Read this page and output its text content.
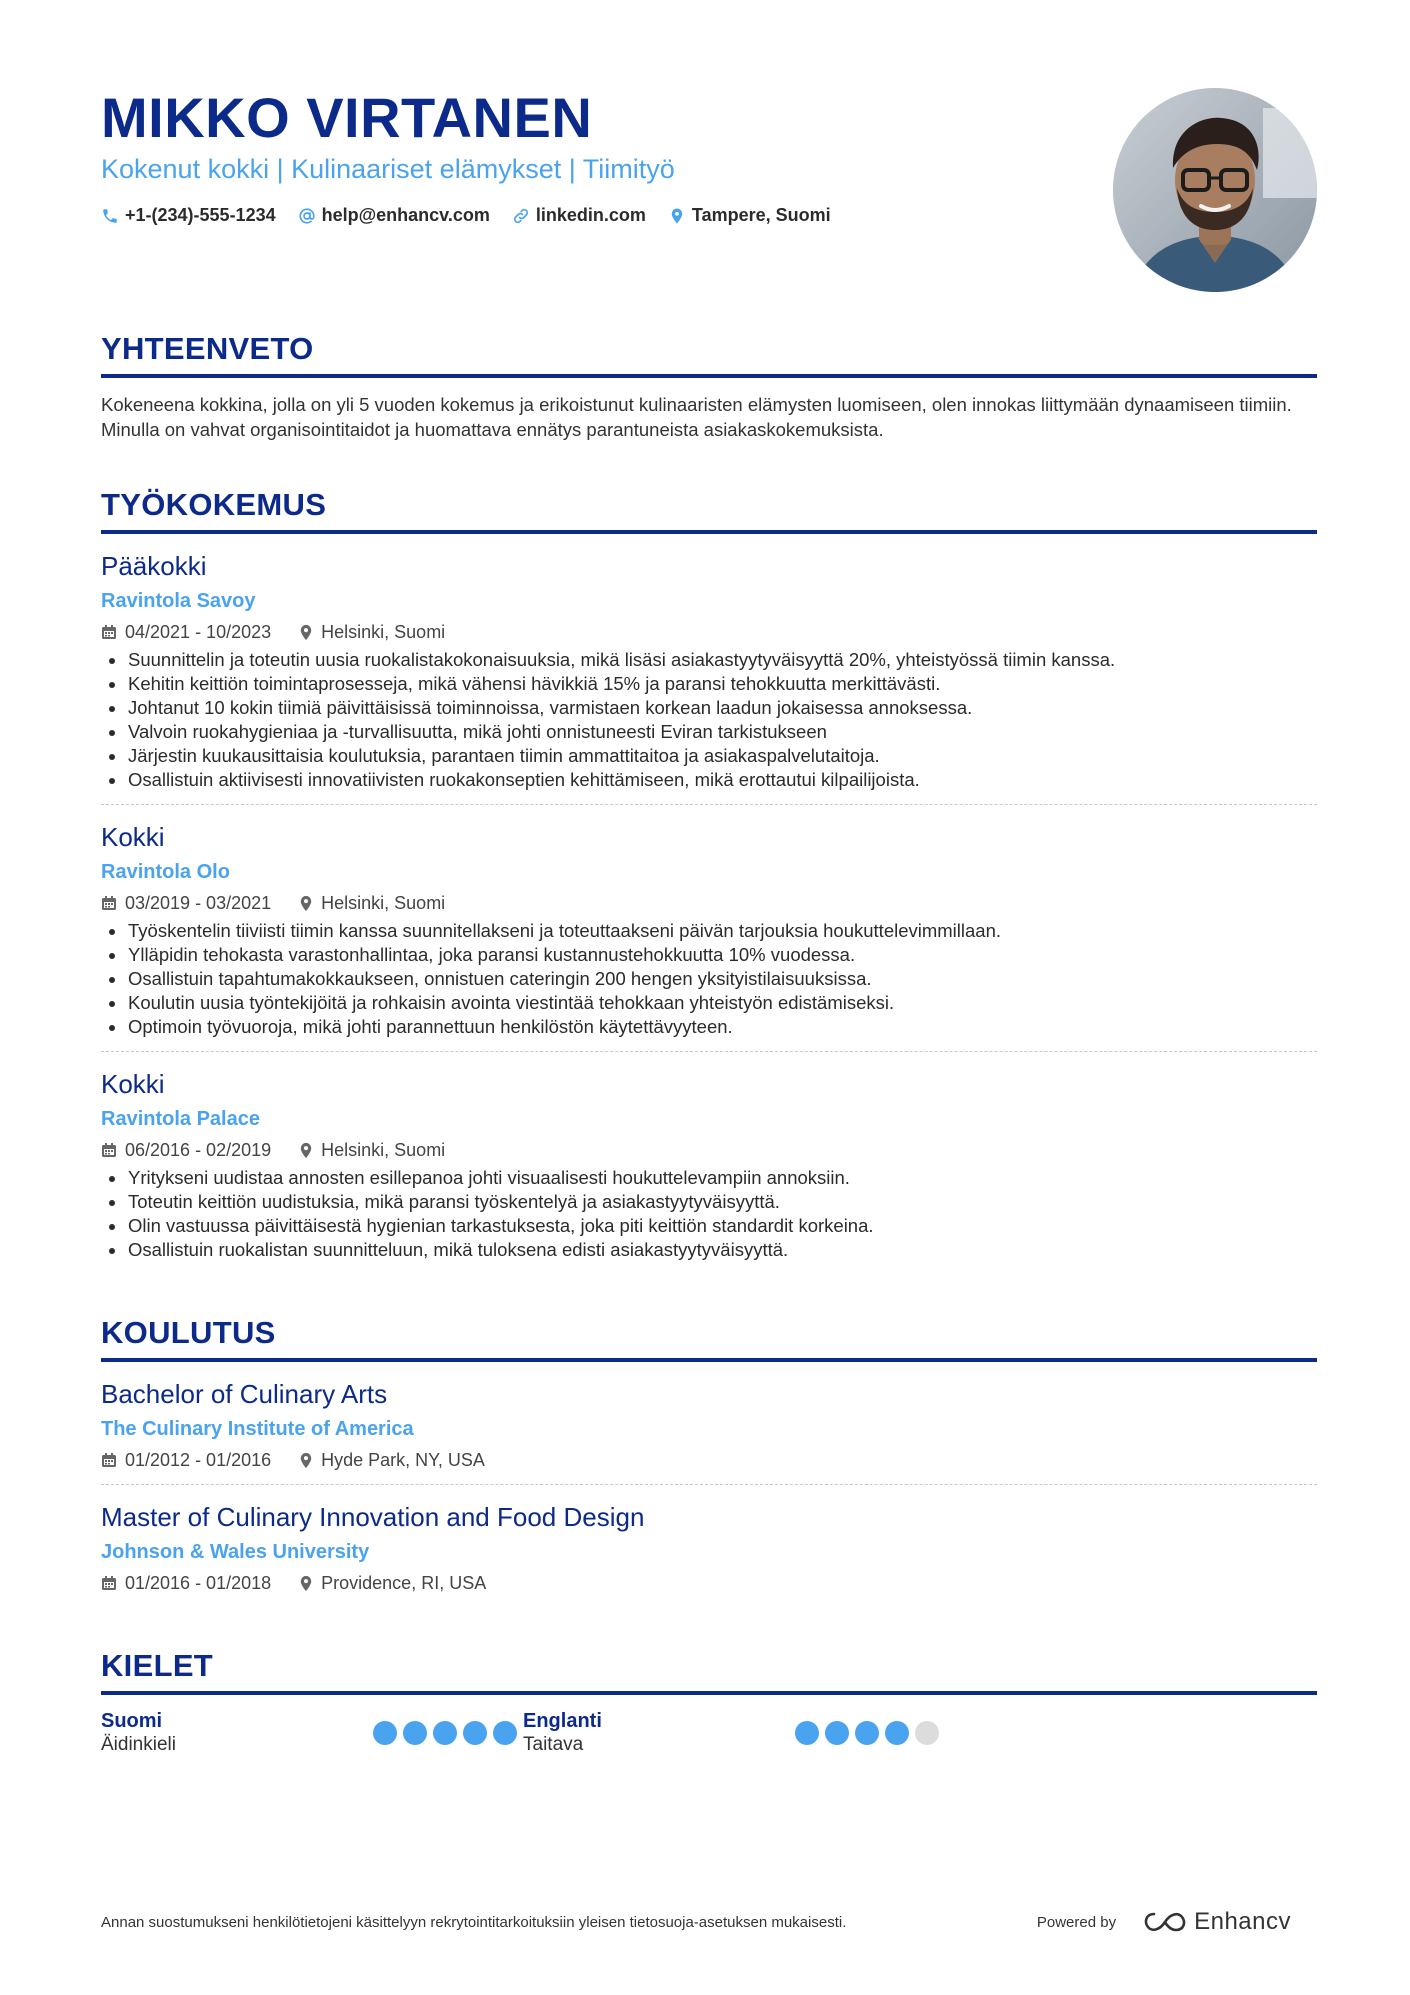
MIKKO VIRTANEN
Kokenut kokki | Kulinaariset elämykset | Tiimityö
+1-(234)-555-1234	help@enhancv.com	linkedin.com	Tampere, Suomi
YHTEENVETO

Kokeneena kokkina, jolla on yli 5 vuoden kokemus ja erikoistunut kulinaaristen elämysten luomiseen, olen innokas liittymään dynaamiseen tiimiin. Minulla on vahvat organisointitaidot ja huomattava ennätys parantuneista asiakaskokemuksista.

TYÖKOKEMUS
Pääkokki
Ravintola Savoy
04/2021 - 10/2023	Helsinki, Suomi
Suunnittelin ja toteutin uusia ruokalistakokonaisuuksia, mikä lisäsi asiakastyytyväisyyttä 20%, yhteistyössä tiimin kanssa.
Kehitin keittiön toimintaprosesseja, mikä vähensi hävikkiä 15% ja paransi tehokkuutta merkittävästi.
Johtanut 10 kokin tiimiä päivittäisissä toiminnoissa, varmistaen korkean laadun jokaisessa annoksessa.
Valvoin ruokahygieniaa ja -turvallisuutta, mikä johti onnistuneesti Eviran tarkistukseen
Järjestin kuukausittaisia koulutuksia, parantaen tiimin ammattitaitoa ja asiakaspalvelutaitoja.
Osallistuin aktiivisesti innovatiivisten ruokakonseptien kehittämiseen, mikä erottautui kilpailijoista.
Kokki
Ravintola Olo
03/2019 - 03/2021	Helsinki, Suomi
Työskentelin tiiviisti tiimin kanssa suunnitellakseni ja toteuttaakseni päivän tarjouksia houkuttelevimmillaan.
Ylläpidin tehokasta varastonhallintaa, joka paransi kustannustehokkuutta 10% vuodessa.
Osallistuin tapahtumakokkaukseen, onnistuen cateringin 200 hengen yksityistilaisuuksissa.
Koulutin uusia työntekijöitä ja rohkaisin avointa viestintää tehokkaan yhteistyön edistämiseksi.
Optimoin työvuoroja, mikä johti parannettuun henkilöstön käytettävyyteen.
Kokki
Ravintola Palace
06/2016 - 02/2019	Helsinki, Suomi
Yritykseni uudistaa annosten esillepanoa johti visuaalisesti houkuttelevampiin annoksiin.
Toteutin keittiön uudistuksia, mikä paransi työskentelyä ja asiakastyytyväisyyttä.
Olin vastuussa päivittäisestä hygienian tarkastuksesta, joka piti keittiön standardit korkeina.
Osallistuin ruokalistan suunnitteluun, mikä tuloksena edisti asiakastyytyväisyyttä.
KOULUTUS
Bachelor of Culinary Arts
The Culinary Institute of America
01/2012 - 01/2016	Hyde Park, NY, USA
Master of Culinary Innovation and Food Design
Johnson & Wales University
01/2016 - 01/2018	Providence, RI, USA
KIELET
Suomi
Äidinkieli
Englanti
Taitava
Annan suostumukseni henkilötietojeni käsittelyyn rekrytointitarkoituksiin yleisen tietosuoja-asetuksen mukaisesti.	Powered by	Enhancv
